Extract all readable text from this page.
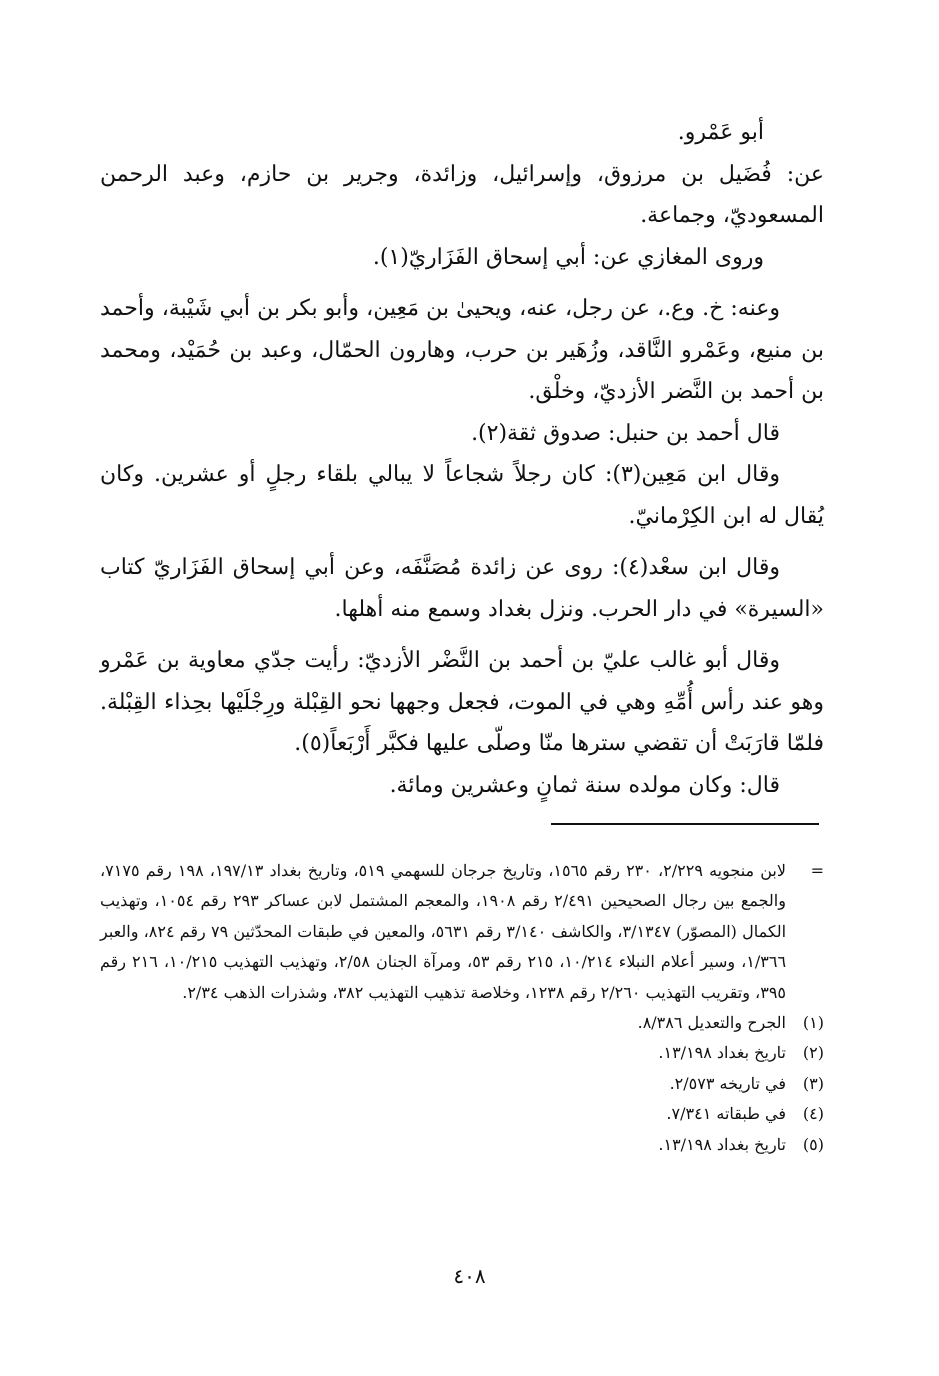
أبو عَمْرو.

عن: فُضَيل بن مرزوق، وإسرائيل، وزائدة، وجرير بن حازم، وعبد الرحمن المسعوديّ، وجماعة.

وروى المغازي عن: أبي إسحاق الفَزَاريّ(١).

وعنه: خ. وع.، عن رجل، عنه، ويحيىٰ بن مَعِين، وأبو بكر بن أبي شَيْبة، وأحمد بن منيع، وعَمْرو النَّاقد، وزُهَير بن حرب، وهارون الحمّال، وعبد بن حُمَيْد، ومحمد بن أحمد بن النَّضر الأزديّ، وخلْق.

قال أحمد بن حنبل: صدوق ثقة(٢).

وقال ابن مَعِين(٣): كان رجلاً شجاعاً لا يبالي بلقاء رجلٍ أو عشرين. وكان يُقال له ابن الكِرْمانيّ.

وقال ابن سعْد(٤): روى عن زائدة مُصَنَّفَه، وعن أبي إسحاق الفَزَاريّ كتاب «السيرة» في دار الحرب. ونزل بغداد وسمع منه أهلها.

وقال أبو غالب عليّ بن أحمد بن النَّضْر الأزديّ: رأيت جدّي معاوية بن عَمْرو وهو عند رأس أُمِّهِ وهي في الموت، فجعل وجهها نحو القِبْلة ورِجْلَيْها بحِذاء القِبْلة. فلمّا قارَبَتْ أن تقضي سترها منّا وصلّى عليها فكبَّر أَرْبَعاً(٥).

قال: وكان مولده سنة ثمانٍ وعشرين ومائة.

=
لابن منجويه ٢/٢٢٩، ٢٣٠ رقم ١٥٦٥، وتاريخ جرجان للسهمي ٥١٩، وتاريخ بغداد ١٩٧/١٣، ١٩٨ رقم ٧١٧٥، والجمع بين رجال الصحيحين ٢/٤٩١ رقم ١٩٠٨، والمعجم المشتمل لابن عساكر ٢٩٣ رقم ١٠٥٤، وتهذيب الكمال (المصوّر) ٣/١٣٤٧، والكاشف ٣/١٤٠ رقم ٥٦٣١، والمعين في طبقات المحدّثين ٧٩ رقم ٨٢٤، والعبر ١/٣٦٦، وسير أعلام النبلاء ١٠/٢١٤، ٢١٥ رقم ٥٣، ومرآة الجنان ٢/٥٨، وتهذيب التهذيب ١٠/٢١٥، ٢١٦ رقم ٣٩٥، وتقريب التهذيب ٢/٢٦٠ رقم ١٢٣٨، وخلاصة تذهيب التهذيب ٣٨٢، وشذرات الذهب ٢/٣٤.
(١)
الجرح والتعديل ٨/٣٨٦.
(٢)
تاريخ بغداد ١٣/١٩٨.
(٣)
في تاريخه ٢/٥٧٣.
(٤)
في طبقاته ٧/٣٤١.
(٥)
تاريخ بغداد ١٣/١٩٨.
٤٠٨
